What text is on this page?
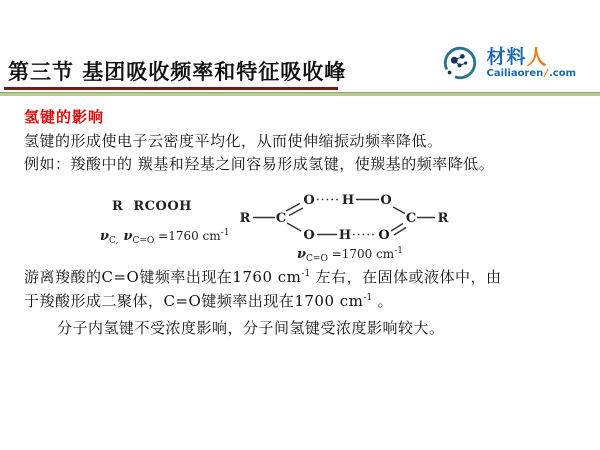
第三节 基团吸收频率和特征吸收峰
材料 人
Cailiaoren/.com
氢键的影响

氢键的形成使电子云密度平均化，从而使伸缩振动频率降低。

例如：羧酸中的 羰基和羟基之间容易形成氢键，使羰基的频率降低。

R  RCOOH
$\nu_{C,}$ $\nu_{C=O} =1760$ $cm^{-1}$
R C
O H O
O H O
C R
$\nu_{C=O} =1700$ $cm^{-1}$

游离羧酸的C=O键频率出现在1760 $cm^{-1}$ 左右，在固体或液体中，由

于羧酸形成二聚体，C=O键频率出现在1700 $cm^{-1}$ 。

分子内氢键不受浓度影响，分子间氢键受浓度影响较大。
